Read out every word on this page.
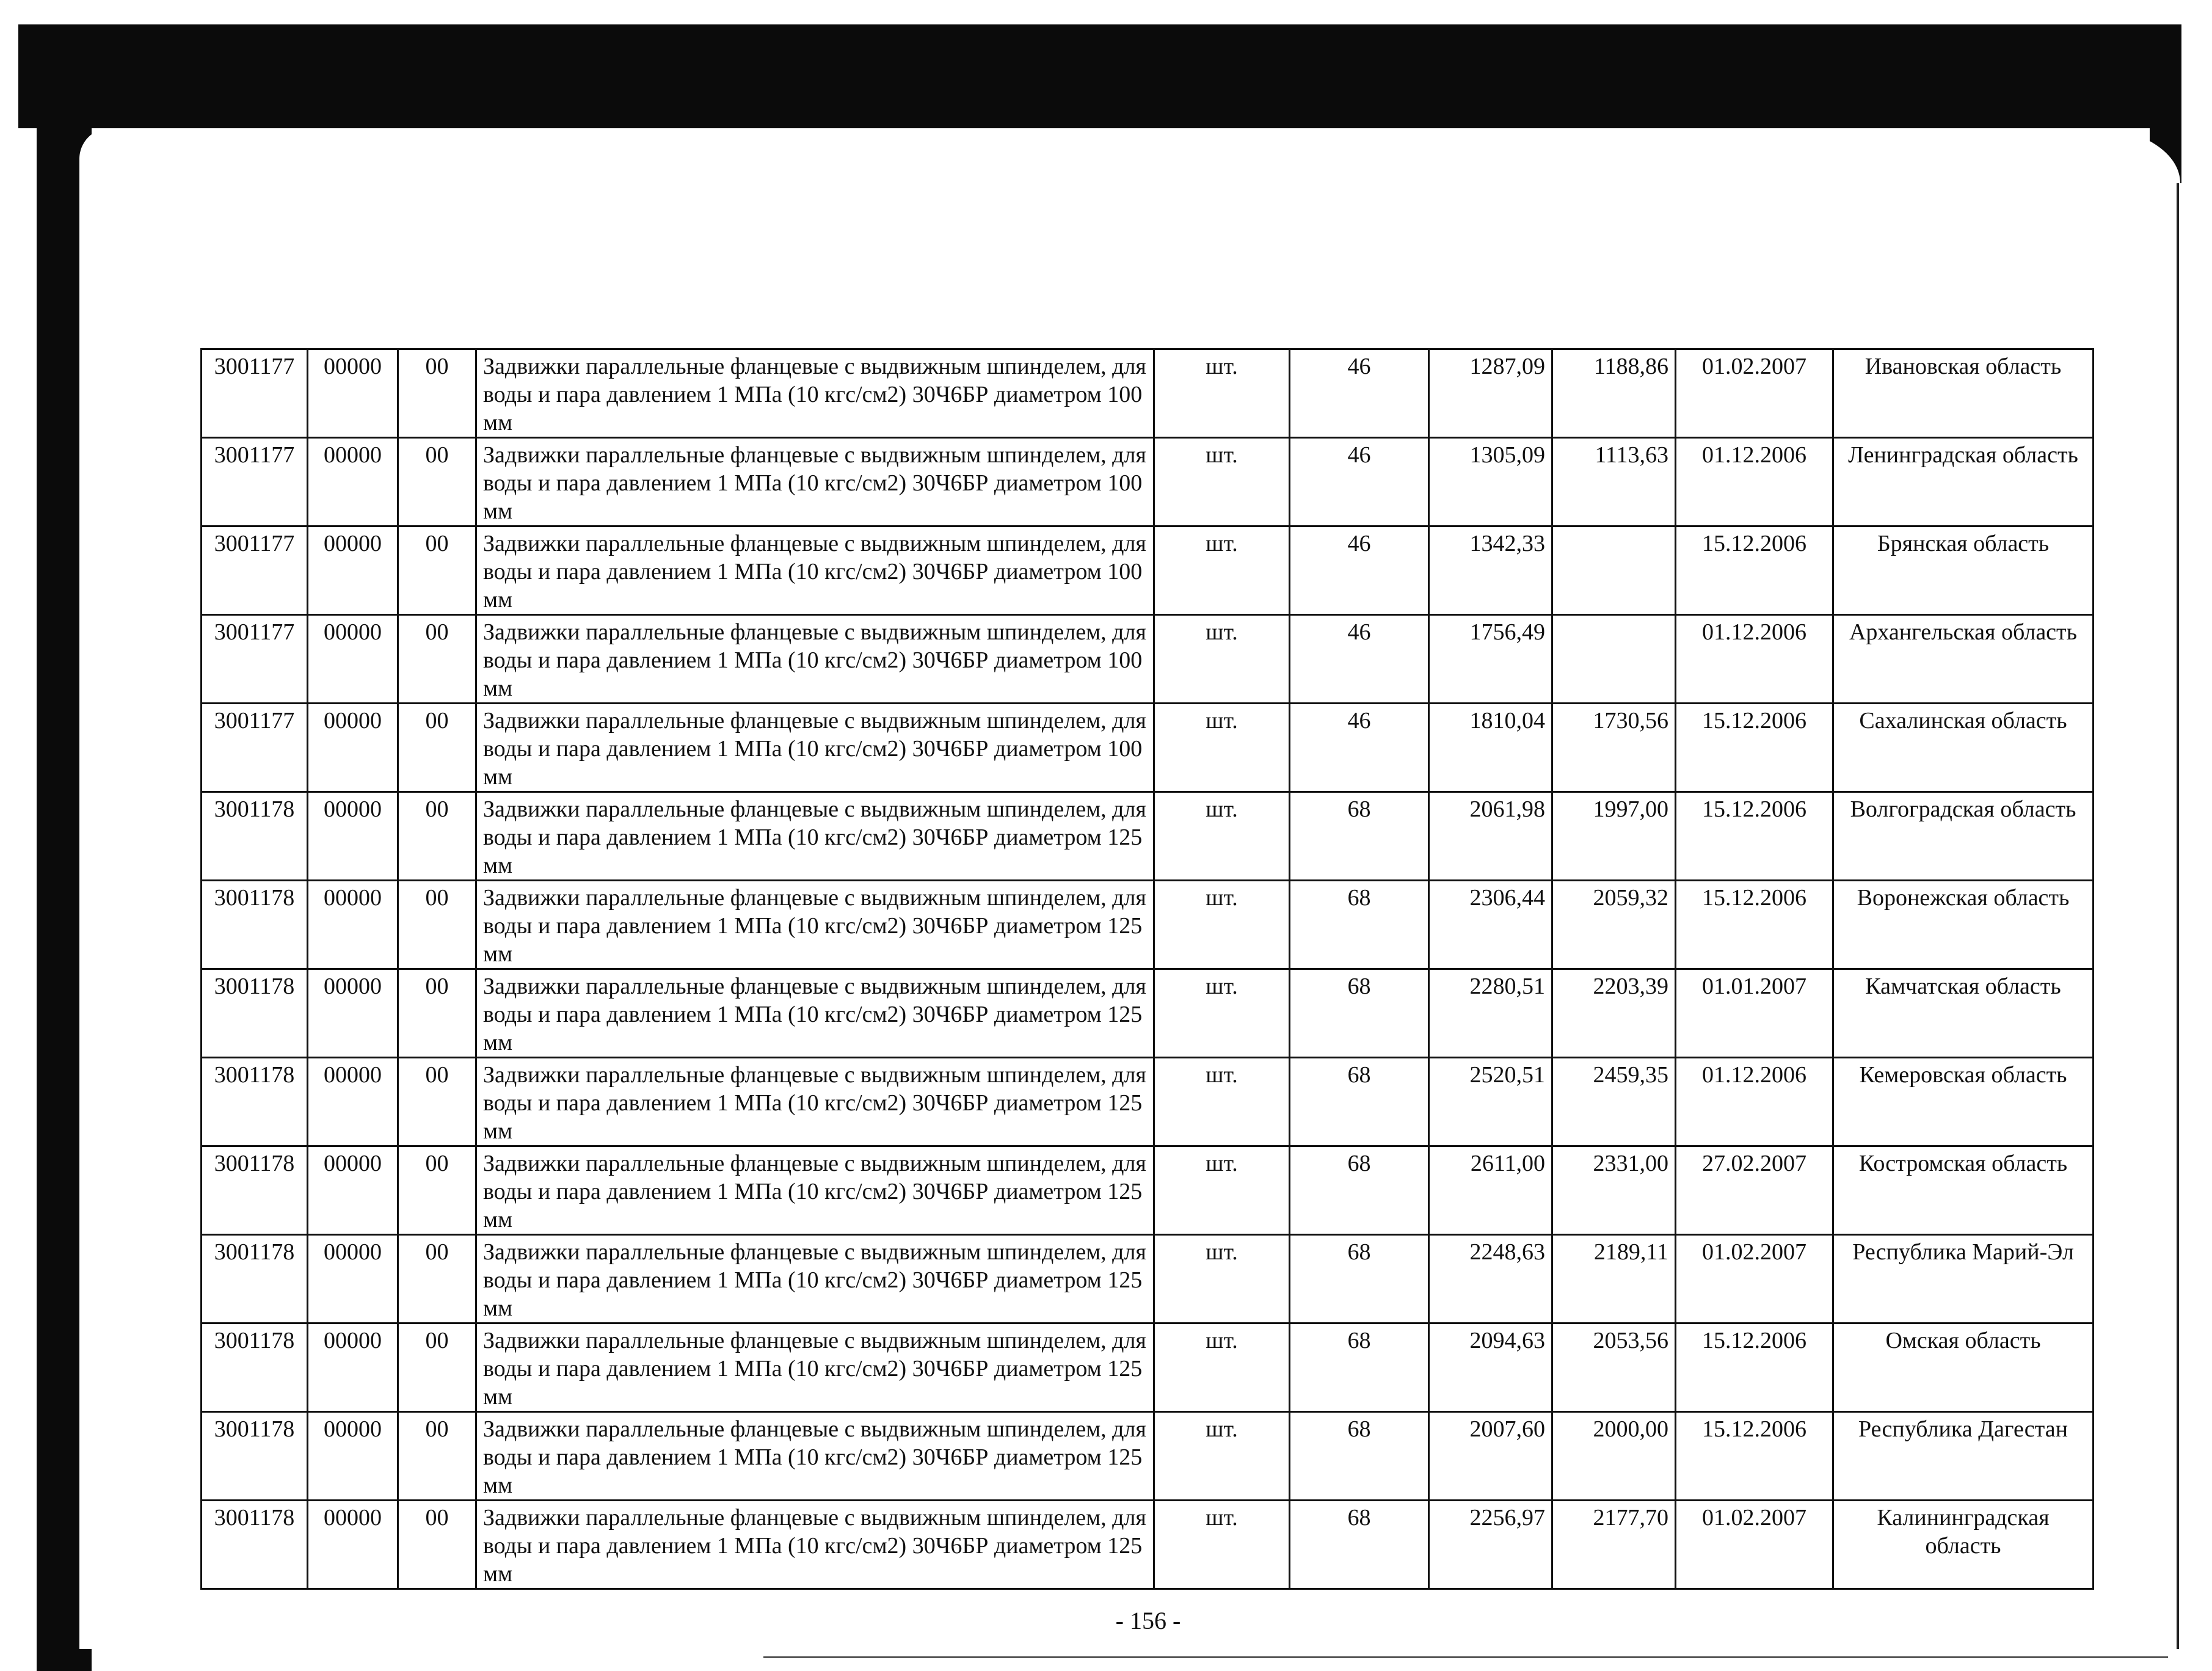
3001177	00000	00	Задвижки параллельные фланцевые с выдвижным шпинделем, для воды и пара давлением 1 МПа (10 кгс/см2) 30Ч6БР диаметром 100 мм	шт.	46	1287,09	1188,86	01.02.2007	Ивановская область
3001177	00000	00	Задвижки параллельные фланцевые с выдвижным шпинделем, для воды и пара давлением 1 МПа (10 кгс/см2) 30Ч6БР диаметром 100 мм	шт.	46	1305,09	1113,63	01.12.2006	Ленинградская область
3001177	00000	00	Задвижки параллельные фланцевые с выдвижным шпинделем, для воды и пара давлением 1 МПа (10 кгс/см2) 30Ч6БР диаметром 100 мм	шт.	46	1342,33		15.12.2006	Брянская область
3001177	00000	00	Задвижки параллельные фланцевые с выдвижным шпинделем, для воды и пара давлением 1 МПа (10 кгс/см2) 30Ч6БР диаметром 100 мм	шт.	46	1756,49		01.12.2006	Архангельская область
3001177	00000	00	Задвижки параллельные фланцевые с выдвижным шпинделем, для воды и пара давлением 1 МПа (10 кгс/см2) 30Ч6БР диаметром 100 мм	шт.	46	1810,04	1730,56	15.12.2006	Сахалинская область
3001178	00000	00	Задвижки параллельные фланцевые с выдвижным шпинделем, для воды и пара давлением 1 МПа (10 кгс/см2) 30Ч6БР диаметром 125 мм	шт.	68	2061,98	1997,00	15.12.2006	Волгоградская область
3001178	00000	00	Задвижки параллельные фланцевые с выдвижным шпинделем, для воды и пара давлением 1 МПа (10 кгс/см2) 30Ч6БР диаметром 125 мм	шт.	68	2306,44	2059,32	15.12.2006	Воронежская область
3001178	00000	00	Задвижки параллельные фланцевые с выдвижным шпинделем, для воды и пара давлением 1 МПа (10 кгс/см2) 30Ч6БР диаметром 125 мм	шт.	68	2280,51	2203,39	01.01.2007	Камчатская область
3001178	00000	00	Задвижки параллельные фланцевые с выдвижным шпинделем, для воды и пара давлением 1 МПа (10 кгс/см2) 30Ч6БР диаметром 125 мм	шт.	68	2520,51	2459,35	01.12.2006	Кемеровская область
3001178	00000	00	Задвижки параллельные фланцевые с выдвижным шпинделем, для воды и пара давлением 1 МПа (10 кгс/см2) 30Ч6БР диаметром 125 мм	шт.	68	2611,00	2331,00	27.02.2007	Костромская область
3001178	00000	00	Задвижки параллельные фланцевые с выдвижным шпинделем, для воды и пара давлением 1 МПа (10 кгс/см2) 30Ч6БР диаметром 125 мм	шт.	68	2248,63	2189,11	01.02.2007	Республика Марий-Эл
3001178	00000	00	Задвижки параллельные фланцевые с выдвижным шпинделем, для воды и пара давлением 1 МПа (10 кгс/см2) 30Ч6БР диаметром 125 мм	шт.	68	2094,63	2053,56	15.12.2006	Омская область
3001178	00000	00	Задвижки параллельные фланцевые с выдвижным шпинделем, для воды и пара давлением 1 МПа (10 кгс/см2) 30Ч6БР диаметром 125 мм	шт.	68	2007,60	2000,00	15.12.2006	Республика Дагестан
3001178	00000	00	Задвижки параллельные фланцевые с выдвижным шпинделем, для воды и пара давлением 1 МПа (10 кгс/см2) 30Ч6БР диаметром 125 мм	шт.	68	2256,97	2177,70	01.02.2007	Калининградская область
- 156 -
